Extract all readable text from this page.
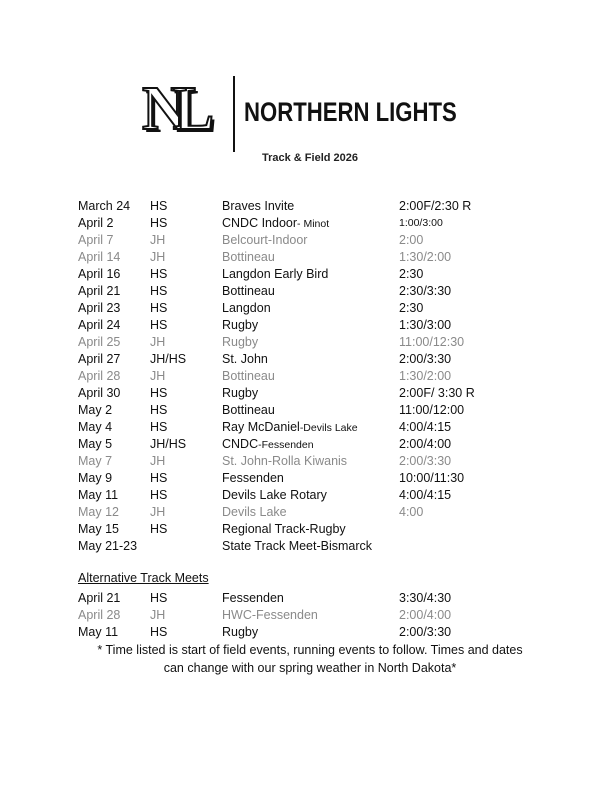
NL NORTHERN LIGHTS
Track & Field 2026
March 24 HS	Braves Invite	2:00F/2:30 R
April 2	HS	CNDC Indoor- Minot	1:00/3:00
April 7	JH	Belcourt-Indoor	2:00
April 14 JH	Bottineau	1:30/2:00
April 16 HS	Langdon Early Bird	2:30
April 21 HS	Bottineau	2:30/3:30
April 23 HS	Langdon	2:30
April 24 HS	Rugby	1:30/3:00
April 25 JH	Rugby	11:00/12:30
April 27 JH/HS	St. John	2:00/3:30
April 28 JH	Bottineau	1:30/2:00
April 30 HS	Rugby	2:00F/ 3:30 R
May 2	HS	Bottineau	11:00/12:00
May 4	HS	Ray McDaniel-Devils Lake	4:00/4:15
May 5	JH/HS	CNDC-Fessenden	2:00/4:00
May 7	JH	St. John-Rolla Kiwanis	2:00/3:30
May 9	HS	Fessenden	10:00/11:30
May 11	HS	Devils Lake Rotary	4:00/4:15
May 12 JH	Devils Lake	4:00
May 15 HS	Regional Track-Rugby
May 21-23	State Track Meet-Bismarck
Alternative Track Meets
April 21 HS	Fessenden	3:30/4:30
April 28 JH	HWC-Fessenden	2:00/4:00
May 11	HS	Rugby	2:00/3:30
* Time listed is start of field events, running events to follow. Times and dates
can change with our spring weather in North Dakota*
